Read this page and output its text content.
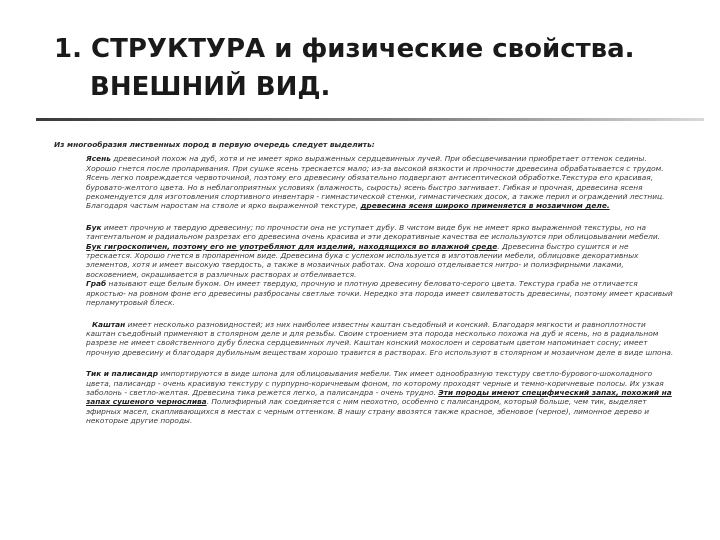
1. СТРУКТУРА и физические свойства.
ВНЕШНИЙ ВИД.

Из многообразия лиственных пород в первую очередь следует выделить:

Ясень древесиной похож на дуб, хотя и не имеет ярко выраженных сердцевинных лучей. При обесцвечивании приобретает оттенок седины. Хорошо гнется после пропаривания. При сушке ясень трескается мало; из-за высокой вязкости и прочности древесина обрабатывается с трудом. Ясень легко повреждается червоточиной, поэтому его древесину обязательно подвергают антисептической обработке.Текстура его красивая, буровато-желтого цвета. Но в неблагоприятных условиях (влажность, сырость) ясень быстро загнивает. Гибкая и прочная, древесина ясеня рекомендуется для изготовления спортивного инвентаря - гимнастической стенки, гимнастических досок, а также перил и ограждений лестниц. Благодаря частым наростам на стволе и ярко выраженной текстуре, древесина ясеня широко применяется в мозаичном деле.

Бук имеет прочную и твердую древесину; по прочности она не уступает дубу. В чистом виде бук не имеет ярко выраженной текстуры, но на тангентальном и радиальном разрезах его древесина очень красива и эти декоративные качества ее используются при облицовывании мебели. Бук гигроскопичен, поэтому его не употребляют для изделий, находящихся во влажной среде. Древесина быстро сушится и не трескается. Хорошо гнется в пропаренном виде. Древесина бука с успехом используется в изготовлении мебели, облицовке декоративных элементов, хотя и имеет высокую твердость, а также в мозаичных работах. Она хорошо отделывается нитро- и полиэфирными лаками, восковением, окрашивается в различных растворах и отбеливается.

Граб называют еще белым буком. Он имеет твердую, прочную и плотную древесину беловато-серого цвета. Текстура граба не отличается яркостью- на ровном фоне его древесины разбросаны светлые точки. Нередко эта порода имеет свилеватость древесины, поэтому имеет красивый перламутровый блеск.

Каштан имеет несколько разновидностей; из них наиболее известны каштан съедобный и конский. Благодаря мягкости и равноплотности каштан съедобный применяют в столярном деле и для резьбы. Своим строением эта порода несколько похожа на дуб и ясень, но в радиальном разрезе не имеет свойственного дубу блеска сердцевинных лучей. Каштан конский мохослоен и сероватым цветом напоминает сосну; имеет прочную древесину и благодаря дубильным веществам хорошо травится в растворах. Его используют в столярном и мозаичном деле в виде шпона.

Тик и палисандр импортируются в виде шпона для облицовывания мебели. Тик имеет однообразную текстуру светло-бурового-шоколадного цвета, палисандр - очень красивую текстуру с пурпурно-коричневым фоном, по которому проходят черные и темно-коричневые полосы. Их узкая заболонь - светло-желтая. Древесина тика режется легко, а палисандра - очень трудно. Эти породы имеют специфический запах, похожий на запах сушеного чернослива. Полиэфирный лак соединяется с ним неохотно, особенно с палисандром, который больше, чем тик, выделяет эфирных масел, скапливающихся в местах с черным оттенком. В нашу страну ввозятся также красное, эбеновое (черное), лимонное дерево и некоторые другие породы.
